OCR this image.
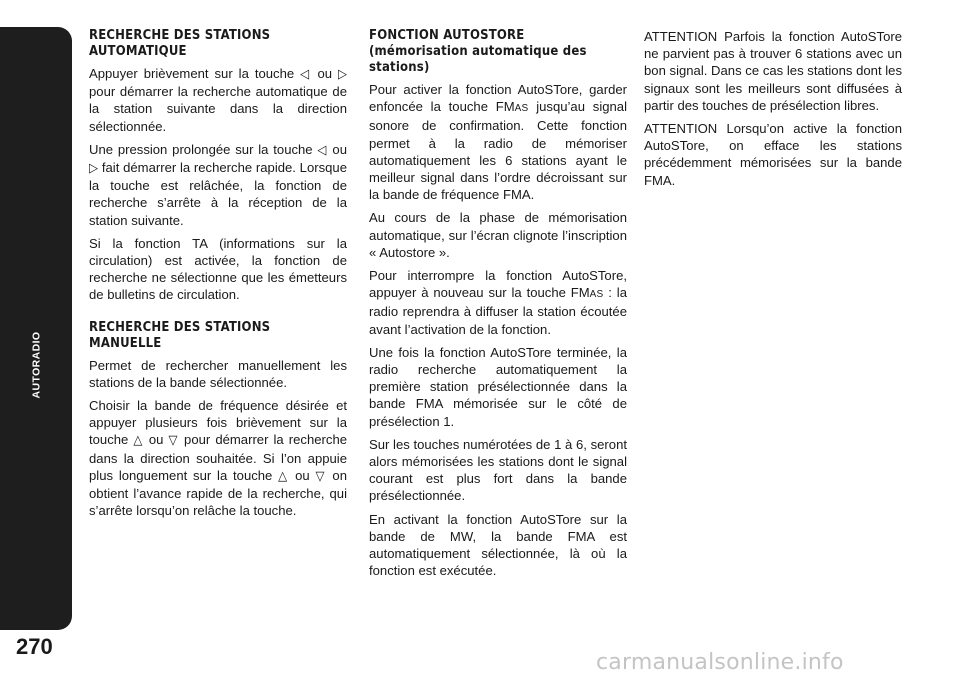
AUTORADIO
270
carmanualsonline.info
RECHERCHE DES STATIONS AUTOMATIQUE

Appuyer brièvement sur la touche ◁ ou ▷ pour démarrer la recherche automatique de la station suivante dans la direction sélectionnée.

Une pression prolongée sur la touche ◁ ou ▷ fait démarrer la recherche rapide. Lorsque la touche est relâchée, la fonction de recherche s’arrête à la réception de la station suivante.

Si la fonction TA (informations sur la circulation) est activée, la fonction de recherche ne sélectionne que les émetteurs de bulletins de circulation.

RECHERCHE DES STATIONS MANUELLE

Permet de rechercher manuellement les stations de la bande sélectionnée.

Choisir la bande de fréquence désirée et appuyer plusieurs fois brièvement sur la touche △ ou ▽ pour démarrer la recherche dans la direction souhaitée. Si l’on appuie plus longuement sur la touche △ ou ▽ on obtient l’avance rapide de la recherche, qui s’arrête lorsqu’on relâche la touche.

FONCTION AUTOSTORE (mémorisation automatique des stations)

Pour activer la fonction AutoSTore, garder enfoncée la touche FMAS jusqu’au signal sonore de confirmation. Cette fonction permet à la radio de mémoriser automatiquement les 6 stations ayant le meilleur signal dans l’ordre décroissant sur la bande de fréquence FMA.

Au cours de la phase de mémorisation automatique, sur l’écran clignote l’inscription « Autostore ».

Pour interrompre la fonction AutoSTore, appuyer à nouveau sur la touche FMAS : la radio reprendra à diffuser la station écoutée avant l’activation de la fonction.

Une fois la fonction AutoSTore terminée, la radio recherche automatiquement la première station présélectionnée dans la bande FMA mémorisée sur le côté de présélection 1.

Sur les touches numérotées de 1 à 6, seront alors mémorisées les stations dont le signal courant est plus fort dans la bande présélectionnée.

En activant la fonction AutoSTore sur la bande de MW, la bande FMA est automatiquement sélectionnée, là où la fonction est exécutée.

ATTENTION Parfois la fonction AutoSTore ne parvient pas à trouver 6 stations avec un bon signal. Dans ce cas les stations dont les signaux sont les meilleurs sont diffusées à partir des touches de présélection libres.

ATTENTION Lorsqu’on active la fonction AutoSTore, on efface les stations précédemment mémorisées sur la bande FMA.
